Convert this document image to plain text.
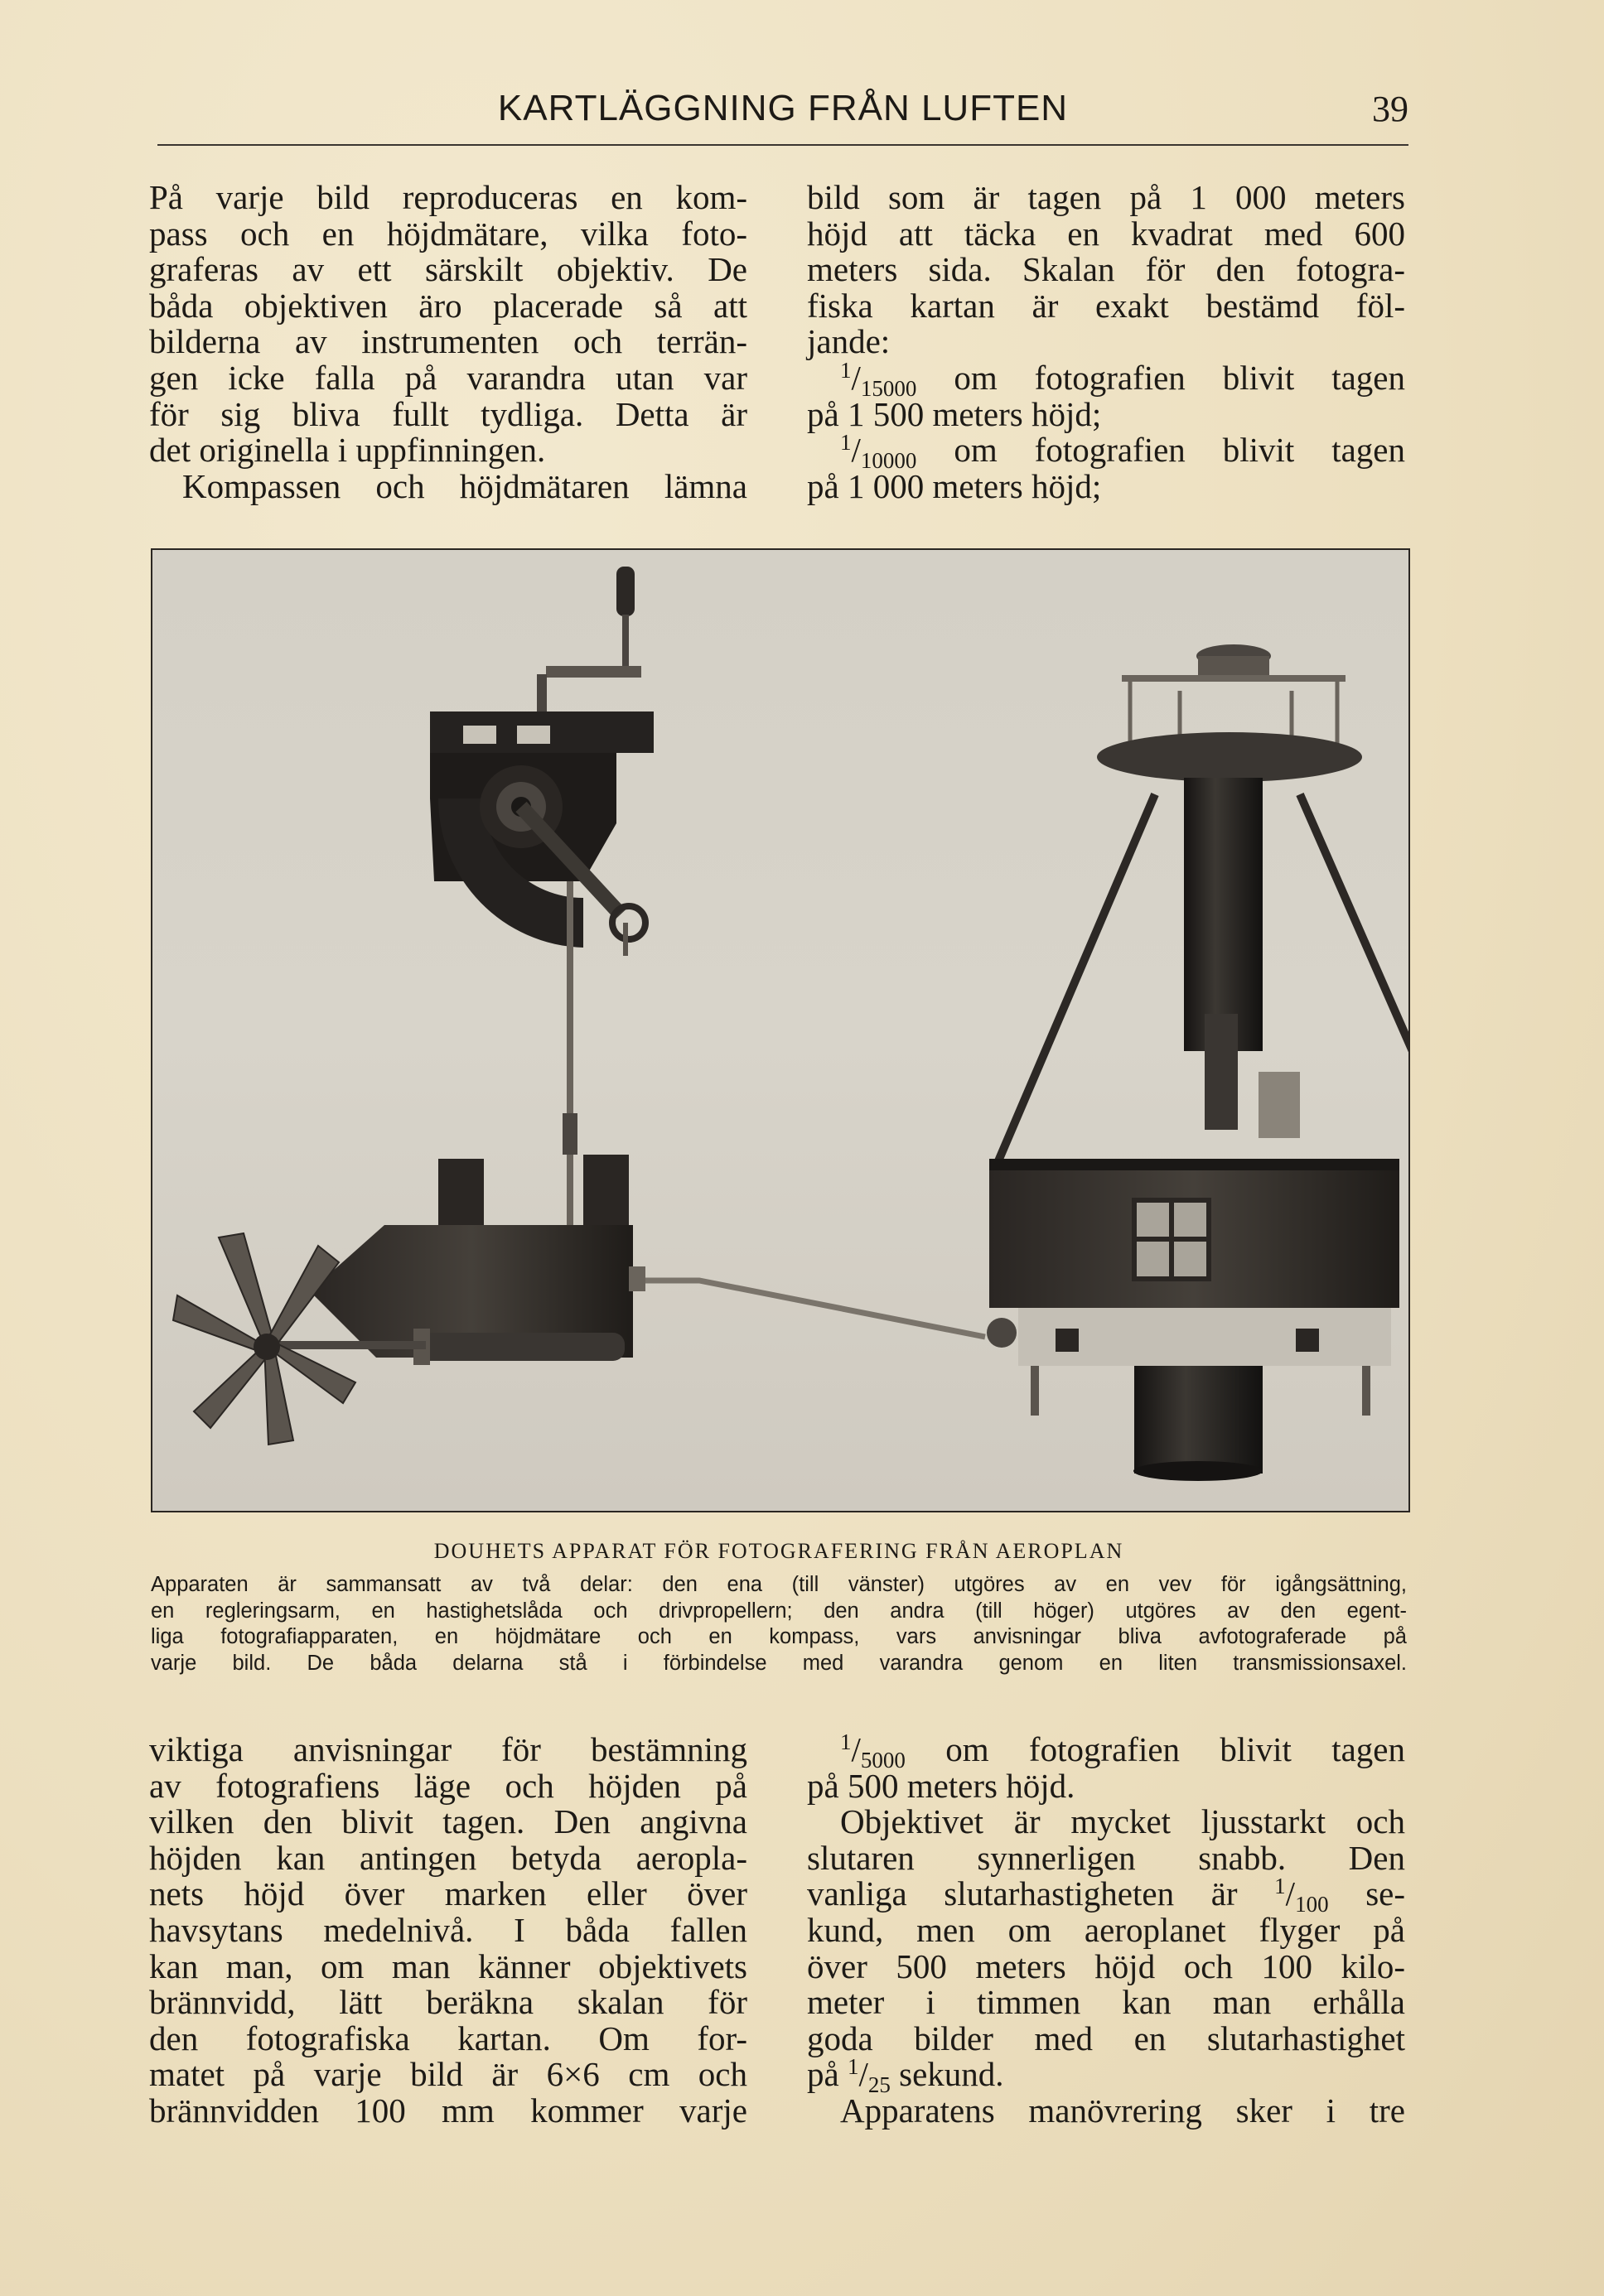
KARTLÄGGNING FRÅN LUFTEN	39
På varje bild reproduceras en kom-
pass och en höjdmätare, vilka foto-
graferas av ett särskilt objektiv. De
båda objektiven äro placerade så att
bilderna av instrumenten och terrän-
gen icke falla på varandra utan var
för sig bliva fullt tydliga. Detta är
det originella i uppfinningen.
Kompassen och höjdmätaren lämna
bild som är tagen på 1 000 meters
höjd att täcka en kvadrat med 600
meters sida. Skalan för den fotogra-
fiska kartan är exakt bestämd föl-
jande:
$^1/_{15000}$ om fotografien blivit tagen
på 1 500 meters höjd;
$^1/_{10000}$ om fotografien blivit tagen
på 1 000 meters höjd;
DOUHETS APPARAT FÖR FOTOGRAFERING FRÅN AEROPLAN
Apparaten är sammansatt av två delar: den ena (till vänster) utgöres av en vev för igångsättning,
en regleringsarm, en hastighetslåda och drivpropellern; den andra (till höger) utgöres av den egent-
liga fotografiapparaten, en höjdmätare och en kompass, vars anvisningar bliva avfotograferade på
varje bild. De båda delarna stå i förbindelse med varandra genom en liten transmissionsaxel.
viktiga anvisningar för bestämning
av fotografiens läge och höjden på
vilken den blivit tagen. Den angivna
höjden kan antingen betyda aeropla-
nets höjd över marken eller över
havsytans medelnivå. I båda fallen
kan man, om man känner objektivets
brännvidd, lätt beräkna skalan för
den fotografiska kartan. Om for-
matet på varje bild är 6×6 cm och
brännvidden 100 mm kommer varje
$^1/_{5000}$ om fotografien blivit tagen
på 500 meters höjd.
Objektivet är mycket ljusstarkt och
slutaren synnerligen snabb. Den
vanliga slutarhastigheten är $^1/_{100}$ se-
kund, men om aeroplanet flyger på
över 500 meters höjd och 100 kilo-
meter i timmen kan man erhålla
goda bilder med en slutarhastighet
på $^1/_{25}$ sekund.
Apparatens manövrering sker i tre
